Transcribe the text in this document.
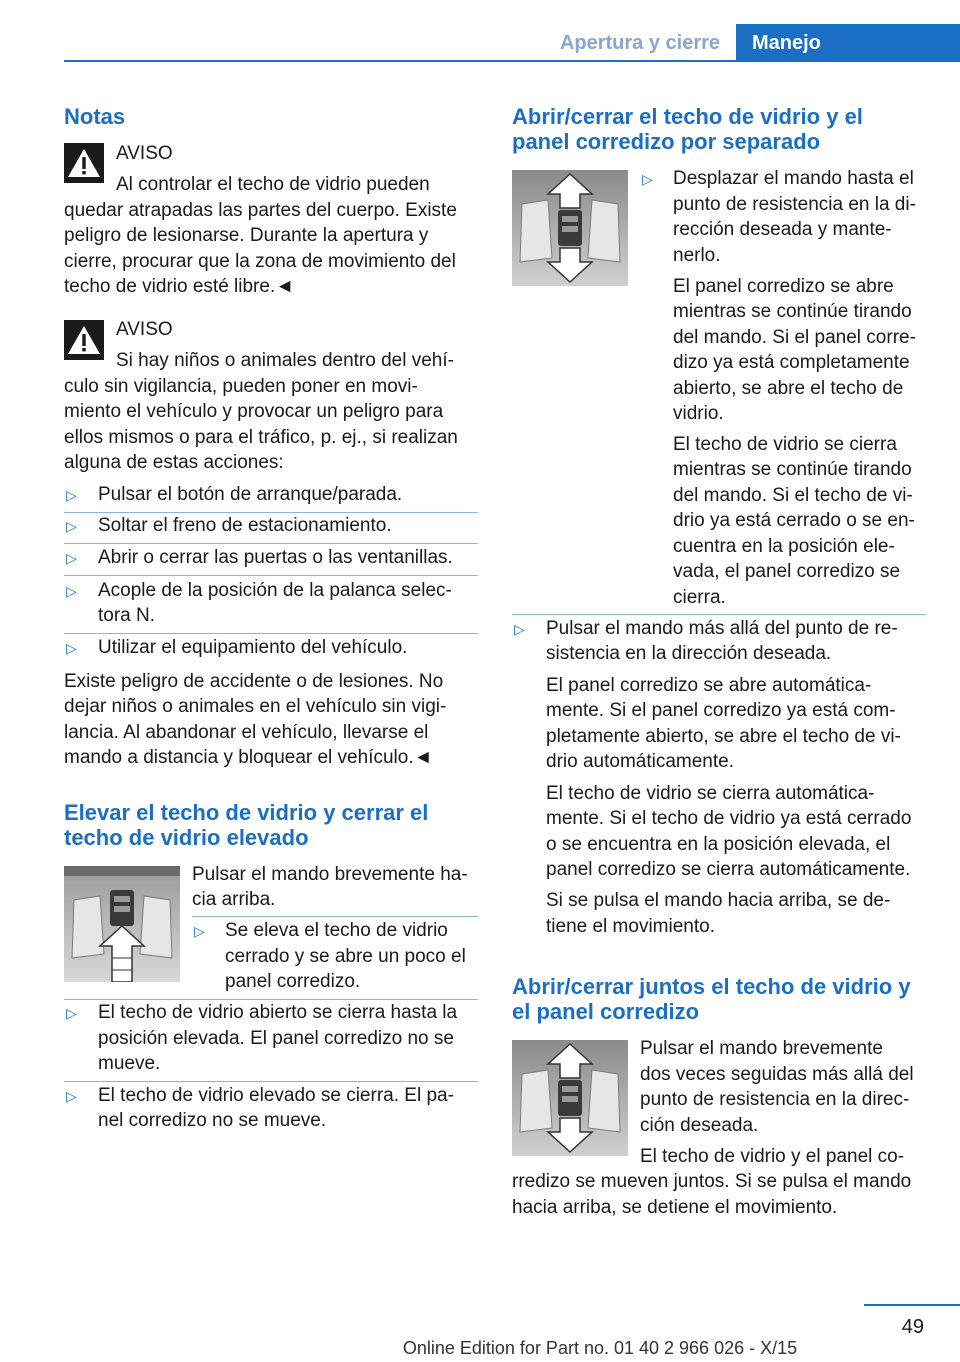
Apertura y cierre	Manejo
Notas
AVISO
Al controlar el techo de vidrio pueden
quedar atrapadas las partes del cuerpo. Existe
peligro de lesionarse. Durante la apertura y
cierre, procurar que la zona de movimiento del
techo de vidrio esté libre.◄
AVISO
Si hay niños o animales dentro del vehí-
culo sin vigilancia, pueden poner en movi-
miento el vehículo y provocar un peligro para
ellos mismos o para el tráfico, p. ej., si realizan
alguna de estas acciones:
▷ Pulsar el botón de arranque/parada.
▷ Soltar el freno de estacionamiento.
▷ Abrir o cerrar las puertas o las ventanillas.
▷ Acople de la posición de la palanca selec-
tora N.
▷ Utilizar el equipamiento del vehículo.
Existe peligro de accidente o de lesiones. No
dejar niños o animales en el vehículo sin vigi-
lancia. Al abandonar el vehículo, llevarse el
mando a distancia y bloquear el vehículo.◄
Elevar el techo de vidrio y cerrar el
techo de vidrio elevado
Pulsar el mando brevemente ha-
cia arriba.
▷ Se eleva el techo de vidrio
cerrado y se abre un poco el
panel corredizo.
▷ El techo de vidrio abierto se cierra hasta la
posición elevada. El panel corredizo no se
mueve.
▷ El techo de vidrio elevado se cierra. El pa-
nel corredizo no se mueve.
Abrir/cerrar el techo de vidrio y el
panel corredizo por separado
▷ Desplazar el mando hasta el
punto de resistencia en la di-
rección deseada y mante-
nerlo.
El panel corredizo se abre
mientras se continúe tirando
del mando. Si el panel corre-
dizo ya está completamente
abierto, se abre el techo de
vidrio.
El techo de vidrio se cierra
mientras se continúe tirando
del mando. Si el techo de vi-
drio ya está cerrado o se en-
cuentra en la posición ele-
vada, el panel corredizo se
cierra.
▷ Pulsar el mando más allá del punto de re-
sistencia en la dirección deseada.
El panel corredizo se abre automática-
mente. Si el panel corredizo ya está com-
pletamente abierto, se abre el techo de vi-
drio automáticamente.
El techo de vidrio se cierra automática-
mente. Si el techo de vidrio ya está cerrado
o se encuentra en la posición elevada, el
panel corredizo se cierra automáticamente.
Si se pulsa el mando hacia arriba, se de-
tiene el movimiento.
Abrir/cerrar juntos el techo de vidrio y
el panel corredizo
Pulsar el mando brevemente
dos veces seguidas más allá del
punto de resistencia en la direc-
ción deseada.
El techo de vidrio y el panel co-
rredizo se mueven juntos. Si se pulsa el mando
hacia arriba, se detiene el movimiento.
49
Online Edition for Part no. 01 40 2 966 026 - X/15
